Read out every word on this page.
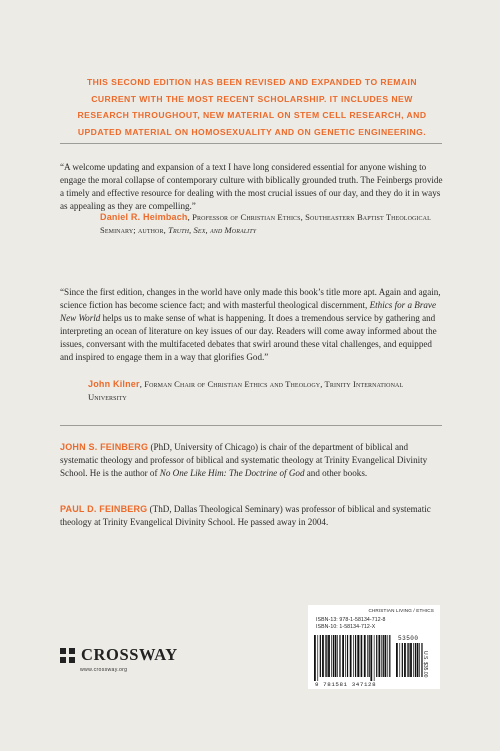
THIS SECOND EDITION HAS BEEN REVISED AND EXPANDED TO REMAIN CURRENT WITH THE MOST RECENT SCHOLARSHIP. IT INCLUDES NEW RESEARCH THROUGHOUT, NEW MATERIAL ON STEM CELL RESEARCH, AND UPDATED MATERIAL ON HOMOSEXUALITY AND ON GENETIC ENGINEERING.

“A welcome updating and expansion of a text I have long considered essential for anyone wishing to engage the moral collapse of contemporary culture with biblically grounded truth. The Feinbergs provide a timely and effective resource for dealing with the most crucial issues of our day, and they do it in ways as appealing as they are compelling.”

Daniel R. Heimbach, Professor of Christian Ethics, Southeastern Baptist Theological Seminary; author, Truth, Sex, and Morality

“Since the first edition, changes in the world have only made this book’s title more apt. Again and again, science fiction has become science fact; and with masterful theological discernment, Ethics for a Brave New World helps us to make sense of what is happening. It does a tremendous service by gathering and interpreting an ocean of literature on key issues of our day. Readers will come away informed about the issues, conversant with the multifaceted debates that swirl around these vital challenges, and equipped and inspired to engage them in a way that glorifies God.”

John Kilner, Forman Chair of Christian Ethics and Theology, Trinity International University

JOHN S. FEINBERG (PhD, University of Chicago) is chair of the department of biblical and systematic theology and professor of biblical and systematic theology at Trinity Evangelical Divinity School. He is the author of No One Like Him: The Doctrine of God and other books.

PAUL D. FEINBERG (ThD, Dallas Theological Seminary) was professor of biblical and systematic theology at Trinity Evangelical Divinity School. He passed away in 2004.

CROSSWAY
www.crossway.org
CHRISTIAN LIVING / ETHICS
ISBN-13: 978-1-58134-712-8
ISBN-10: 1-58134-712-X
53500
U.S. $35.00
9 781581 347128
